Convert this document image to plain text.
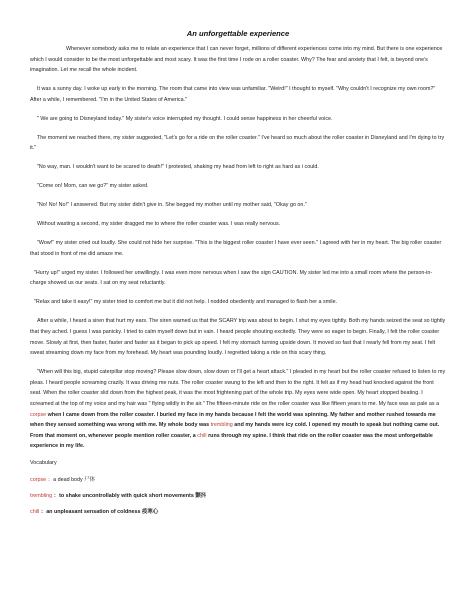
An unforgettable experience

Whenever somebody asks me to relate an experience that I can never forget, millions of different experiences come into my mind. But there is one experience which I would consider to be the most unforgettable and most scary. It was the first time I rode on a roller coaster. Why? The fear and anxiety that I felt, is beyond one's imagination. Let me recall the whole incident.

It was a sunny day. I woke up early in the morning. The room that came into view was unfamiliar. "Weird!" I thought to myself. "Why couldn't I recognize my own room?" After a while, I remembered. "I'm in the United States of America."

" We are going to Disneyland today." My sister's voice interrupted my thought. I could sense happiness in her cheerful voice.

The moment we reached there, my sister suggested, "Let's go for a ride on the roller coaster." I've heard so much about the roller coaster in Disneyland and I'm dying to try it."

"No way, man. I wouldn't want to be scared to death!" I protested, shaking my head from left to right as hard as i could.

"Come on! Mom, can we go?" my sister asked.

"No! No! No!" I answered. But my sister didn't give in. She begged my mother until my mother said, "Okay go on."

Without wasting a second, my sister dragged me to where the roller coaster was. I was really nervous.

"Wow!" my sister cried out loudly. She could not hide her surprise. "This is the biggest roller coaster I have ever seen." I agreed with her in my heart. The big roller coaster that stood in front of me did amaze me.

"Hurry up!" urged my sister. I followed her unwillingly. I was even more nervous when I saw the sign CAUTION. My sister led me into a small room where the person-in-charge showed us our seats. I sat on my seat reluctantly.

"Relax and take it easy!" my sister tried to comfort me but it did not help. I nodded obediently and managed to flash her a smile.

After a while, I heard a siren that hurt my ears. The siren warned us that the SCARY trip was about to begin. I shut my eyes tightly. Both my hands seized the seat so tightly that they ached. I guess I was panicky. I tried to calm myself down but in vain. I heard people shouting excitedly. They were so eager to begin. Finally, I felt the roller coaster move. Slowly at first, then faster, faster and faster as it began to pick up speed. I felt my stomach turning upside down. It moved so fast that I nearly fell from my seat. I felt sweat streaming down my face from my forehead. My heart was pounding loudly. I regretted taking a ride on this scary thing.

"When will this big, stupid caterpillar stop moving? Please slow down, slow down or I'll get a heart attack." I pleaded in my heart but the roller coaster refused to listen to my pleas. I heard people screaming crazily. It was driving me nuts. The roller coaster swung to the left and then to the right. It felt as if my head had knocked against the front seat. When the roller coaster slid down from the highest peak, it was the most frightening part of the whole trip. My eyes were wide open. My heart stopped beating. I screamed at the top of my voice and my hair was " flying wildly in the air." The fifteen-minute ride on the roller coaster was like fifteen years to me. My face was as pale as a corpse when I came down from the roller coaster. I buried my face in my hands because I felt the world was spinning. My father and mother rushed towards me when they sensed something was wrong with me. My whole body was trembling and my hands were icy cold. I opened my mouth to speak but nothing came out. From that moment on, whenever people mention roller coaster, a chill runs through my spine. I think that ride on the roller coaster was the most unforgettable experience in my life.

Vocabulary
corpse ：a dead body 尸体
trembling ：to shake uncontrollably with quick short movements 颤抖
chill ：an unpleasant sensation of coldness 疫寒心
